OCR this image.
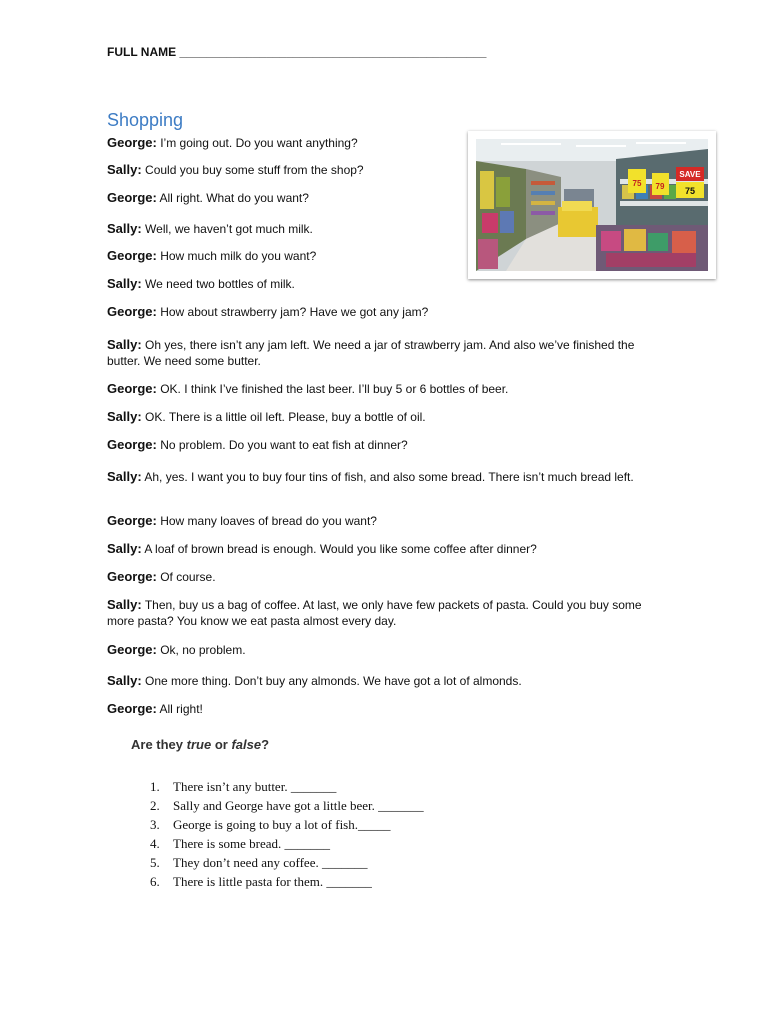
FULL NAME ______________________________________________
Shopping
George: I’m going out. Do you want anything?
Sally: Could you buy some stuff from the shop?
George: All right. What do you want?
Sally: Well, we haven’t got much milk.
George: How much milk do you want?
Sally: We need two bottles of milk.
George: How about strawberry jam? Have we got any jam?
Sally: Oh yes, there isn’t any jam left. We need a jar of strawberry jam. And also we’ve finished the butter. We need some butter.
George: OK. I think I’ve finished the last beer. I’ll buy 5 or 6 bottles of beer.
Sally: OK. There is a little oil left. Please, buy a bottle of oil.
George: No problem. Do you want to eat fish at dinner?
Sally: Ah, yes. I want you to buy four tins of fish, and also some bread. There isn’t much bread left.
George: How many loaves of bread do you want?
Sally: A loaf of brown bread is enough. Would you like some coffee after dinner?
George: Of course.
Sally: Then, buy us a bag of coffee. At last, we only have few packets of pasta. Could you buy some more pasta? You know we eat pasta almost every day.
George: Ok, no problem.
Sally: One more thing. Don’t buy any almonds. We have got a lot of almonds.
George: All right!
79
SAVE
75
75
Are they true or false?
1.	There isn’t any butter. _______
2.	Sally and George have got a little beer. _______
3.	George is going to buy a lot of fish._____
4.	There is some bread. _______
5.	They don’t need any coffee. _______
6.	There is little pasta for them. _______
